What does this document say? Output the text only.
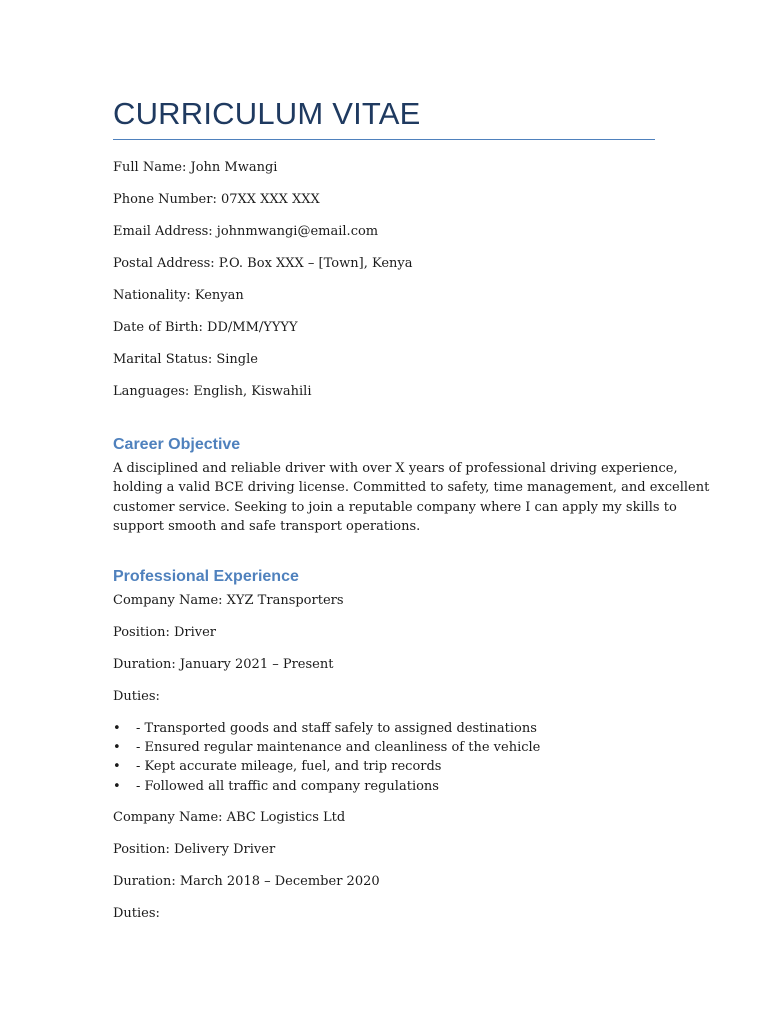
CURRICULUM VITAE
Full Name: John Mwangi
Phone Number: 07XX XXX XXX
Email Address: johnmwangi@email.com
Postal Address: P.O. Box XXX – [Town], Kenya
Nationality: Kenyan
Date of Birth: DD/MM/YYYY
Marital Status: Single
Languages: English, Kiswahili
Career Objective

A disciplined and reliable driver with over X years of professional driving experience,

holding a valid BCE driving license. Committed to safety, time management, and excellent

customer service. Seeking to join a reputable company where I can apply my skills to

support smooth and safe transport operations.

Professional Experience
Company Name: XYZ Transporters
Position: Driver
Duration: January 2021 – Present
Duties:
• - Transported goods and staff safely to assigned destinations
• - Ensured regular maintenance and cleanliness of the vehicle
• - Kept accurate mileage, fuel, and trip records
• - Followed all traffic and company regulations
Company Name: ABC Logistics Ltd
Position: Delivery Driver
Duration: March 2018 – December 2020
Duties:
